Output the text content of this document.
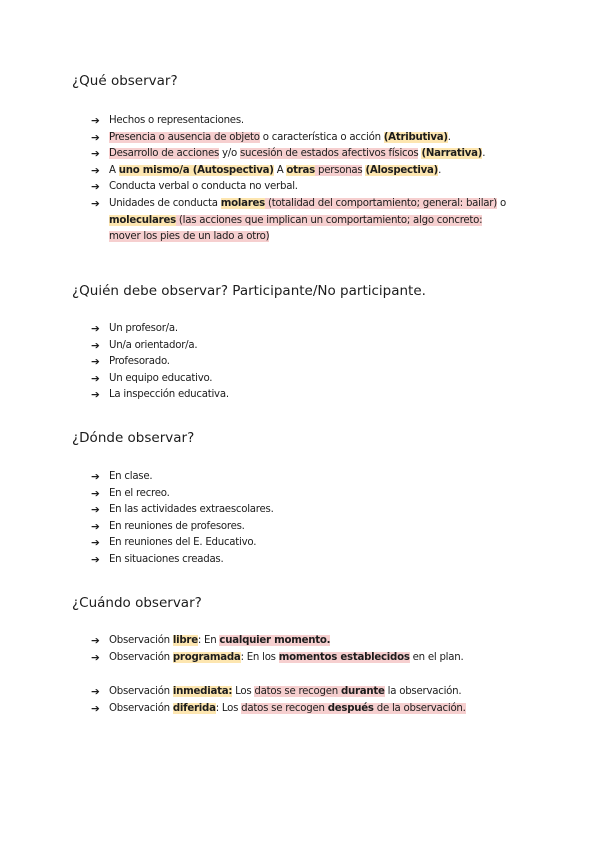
¿Qué observar?
➔ Hechos o representaciones.
➔ Presencia o ausencia de objeto o característica o acción (Atributiva).
➔ Desarrollo de acciones y/o sucesión de estados afectivos físicos (Narrativa).
➔ A uno mismo/a (Autospectiva) A otras personas (Alospectiva).
➔ Conducta verbal o conducta no verbal.
➔ Unidades de conducta molares (totalidad del comportamiento; general: bailar) o
moleculares (las acciones que implican un comportamiento; algo concreto:
mover los pies de un lado a otro)
¿Quién debe observar? Participante/No participante.
➔ Un profesor/a.
➔ Un/a orientador/a.
➔ Profesorado.
➔ Un equipo educativo.
➔ La inspección educativa.
¿Dónde observar?
➔ En clase.
➔ En el recreo.
➔ En las actividades extraescolares.
➔ En reuniones de profesores.
➔ En reuniones del E. Educativo.
➔ En situaciones creadas.
¿Cuándo observar?
➔ Observación libre: En cualquier momento.
➔ Observación programada: En los momentos establecidos en el plan.
➔ Observación inmediata: Los datos se recogen durante la observación.
➔ Observación diferida: Los datos se recogen después de la observación.
